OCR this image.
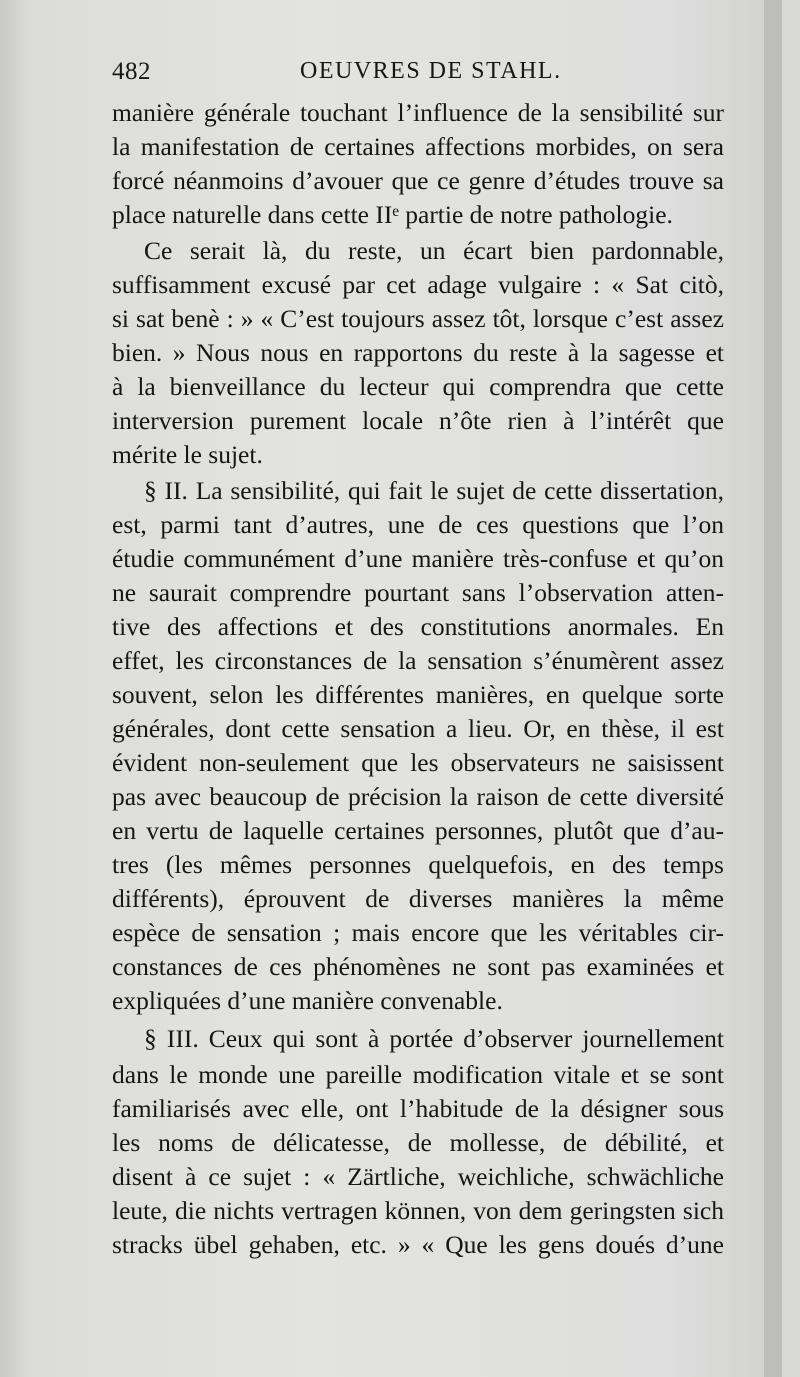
482	OEUVRES DE STAHL.
manière générale touchant l’influence de la sensibilité sur
la manifestation de certaines affections morbides, on sera
forcé néanmoins d’avouer que ce genre d’études trouve sa
place naturelle dans cette IIᵉ partie de notre pathologie.
Ce serait là, du reste, un écart bien pardonnable,
suffisamment excusé par cet adage vulgaire : « Sat citò,
si sat benè : » « C’est toujours assez tôt, lorsque c’est assez
bien. » Nous nous en rapportons du reste à la sagesse et
à la bienveillance du lecteur qui comprendra que cette
interversion purement locale n’ôte rien à l’intérêt que
mérite le sujet.
§ II. La sensibilité, qui fait le sujet de cette dissertation,
est, parmi tant d’autres, une de ces questions que l’on
étudie communément d’une manière très-confuse et qu’on
ne saurait comprendre pourtant sans l’observation atten-
tive des affections et des constitutions anormales. En
effet, les circonstances de la sensation s’énumèrent assez
souvent, selon les différentes manières, en quelque sorte
générales, dont cette sensation a lieu. Or, en thèse, il est
évident non-seulement que les observateurs ne saisissent
pas avec beaucoup de précision la raison de cette diversité
en vertu de laquelle certaines personnes, plutôt que d’au-
tres (les mêmes personnes quelquefois, en des temps
différents), éprouvent de diverses manières la même
espèce de sensation ; mais encore que les véritables cir-
constances de ces phénomènes ne sont pas examinées et
expliquées d’une manière convenable.
§ III. Ceux qui sont à portée d’observer journellement
dans le monde une pareille modification vitale et se sont
familiarisés avec elle, ont l’habitude de la désigner sous
les noms de délicatesse, de mollesse, de débilité, et
disent à ce sujet : « Zärtliche, weichliche, schwächliche
leute, die nichts vertragen können, von dem geringsten sich
stracks übel gehaben, etc. » « Que les gens doués d’une
